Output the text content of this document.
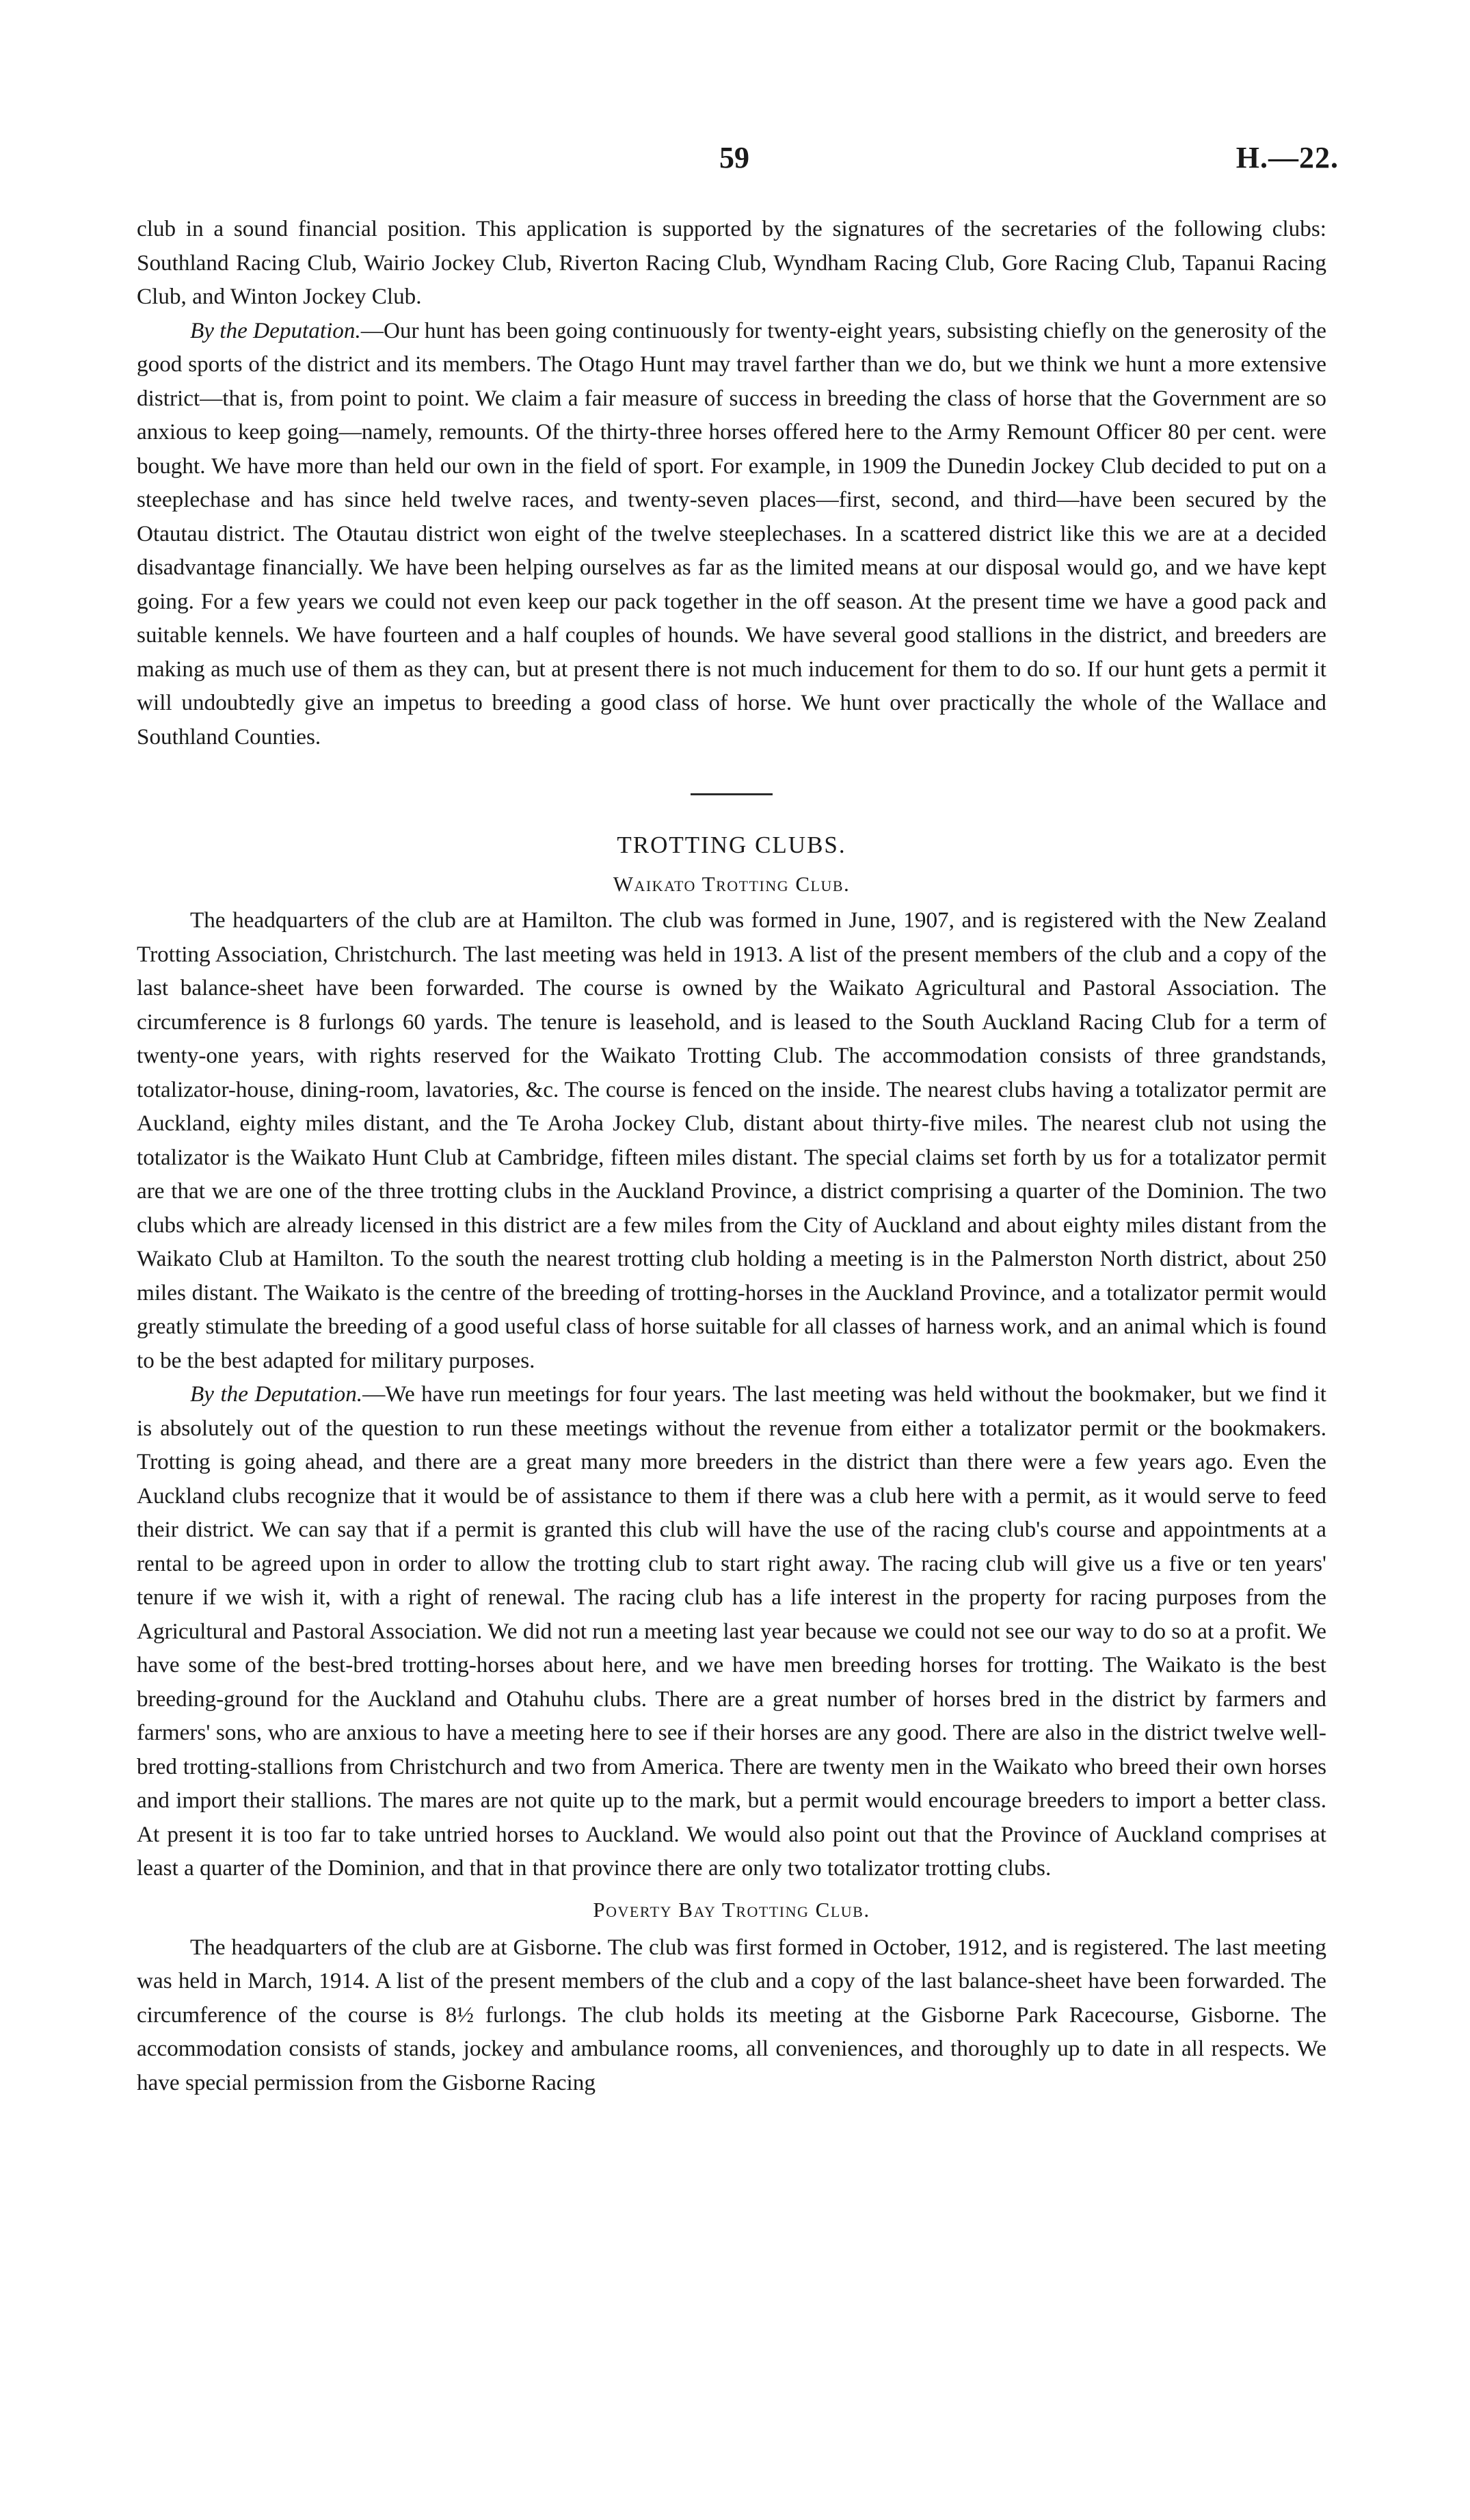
59	H.—22.

club in a sound financial position. This application is supported by the signatures of the secretaries of the following clubs: Southland Racing Club, Wairio Jockey Club, Riverton Racing Club, Wyndham Racing Club, Gore Racing Club, Tapanui Racing Club, and Winton Jockey Club.

By the Deputation.—Our hunt has been going continuously for twenty-eight years, subsisting chiefly on the generosity of the good sports of the district and its members. The Otago Hunt may travel farther than we do, but we think we hunt a more extensive district—that is, from point to point. We claim a fair measure of success in breeding the class of horse that the Government are so anxious to keep going—namely, remounts. Of the thirty-three horses offered here to the Army Remount Officer 80 per cent. were bought. We have more than held our own in the field of sport. For example, in 1909 the Dunedin Jockey Club decided to put on a steeplechase and has since held twelve races, and twenty-seven places—first, second, and third—have been secured by the Otautau district. The Otautau district won eight of the twelve steeplechases. In a scattered district like this we are at a decided disadvantage financially. We have been helping ourselves as far as the limited means at our disposal would go, and we have kept going. For a few years we could not even keep our pack together in the off season. At the present time we have a good pack and suitable kennels. We have fourteen and a half couples of hounds. We have several good stallions in the district, and breeders are making as much use of them as they can, but at present there is not much inducement for them to do so. If our hunt gets a permit it will undoubtedly give an impetus to breeding a good class of horse. We hunt over practically the whole of the Wallace and Southland Counties.

TROTTING CLUBS.
Waikato Trotting Club.

The headquarters of the club are at Hamilton. The club was formed in June, 1907, and is registered with the New Zealand Trotting Association, Christchurch. The last meeting was held in 1913. A list of the present members of the club and a copy of the last balance-sheet have been forwarded. The course is owned by the Waikato Agricultural and Pastoral Association. The circumference is 8 furlongs 60 yards. The tenure is leasehold, and is leased to the South Auckland Racing Club for a term of twenty-one years, with rights reserved for the Waikato Trotting Club. The accommodation consists of three grandstands, totalizator-house, dining-room, lavatories, &c. The course is fenced on the inside. The nearest clubs having a totalizator permit are Auckland, eighty miles distant, and the Te Aroha Jockey Club, distant about thirty-five miles. The nearest club not using the totalizator is the Waikato Hunt Club at Cambridge, fifteen miles distant. The special claims set forth by us for a totalizator permit are that we are one of the three trotting clubs in the Auckland Province, a district comprising a quarter of the Dominion. The two clubs which are already licensed in this district are a few miles from the City of Auckland and about eighty miles distant from the Waikato Club at Hamilton. To the south the nearest trotting club holding a meeting is in the Palmerston North district, about 250 miles distant. The Waikato is the centre of the breeding of trotting-horses in the Auckland Province, and a totalizator permit would greatly stimulate the breeding of a good useful class of horse suitable for all classes of harness work, and an animal which is found to be the best adapted for military purposes.

By the Deputation.—We have run meetings for four years. The last meeting was held without the bookmaker, but we find it is absolutely out of the question to run these meetings without the revenue from either a totalizator permit or the bookmakers. Trotting is going ahead, and there are a great many more breeders in the district than there were a few years ago. Even the Auckland clubs recognize that it would be of assistance to them if there was a club here with a permit, as it would serve to feed their district. We can say that if a permit is granted this club will have the use of the racing club's course and appointments at a rental to be agreed upon in order to allow the trotting club to start right away. The racing club will give us a five or ten years' tenure if we wish it, with a right of renewal. The racing club has a life interest in the property for racing purposes from the Agricultural and Pastoral Association. We did not run a meeting last year because we could not see our way to do so at a profit. We have some of the best-bred trotting-horses about here, and we have men breeding horses for trotting. The Waikato is the best breeding-ground for the Auckland and Otahuhu clubs. There are a great number of horses bred in the district by farmers and farmers' sons, who are anxious to have a meeting here to see if their horses are any good. There are also in the district twelve well-bred trotting-stallions from Christchurch and two from America. There are twenty men in the Waikato who breed their own horses and import their stallions. The mares are not quite up to the mark, but a permit would encourage breeders to import a better class. At present it is too far to take untried horses to Auckland. We would also point out that the Province of Auckland comprises at least a quarter of the Dominion, and that in that province there are only two totalizator trotting clubs.

Poverty Bay Trotting Club.

The headquarters of the club are at Gisborne. The club was first formed in October, 1912, and is registered. The last meeting was held in March, 1914. A list of the present members of the club and a copy of the last balance-sheet have been forwarded. The circumference of the course is 8½ furlongs. The club holds its meeting at the Gisborne Park Racecourse, Gisborne. The accommodation consists of stands, jockey and ambulance rooms, all conveniences, and thoroughly up to date in all respects. We have special permission from the Gisborne Racing
